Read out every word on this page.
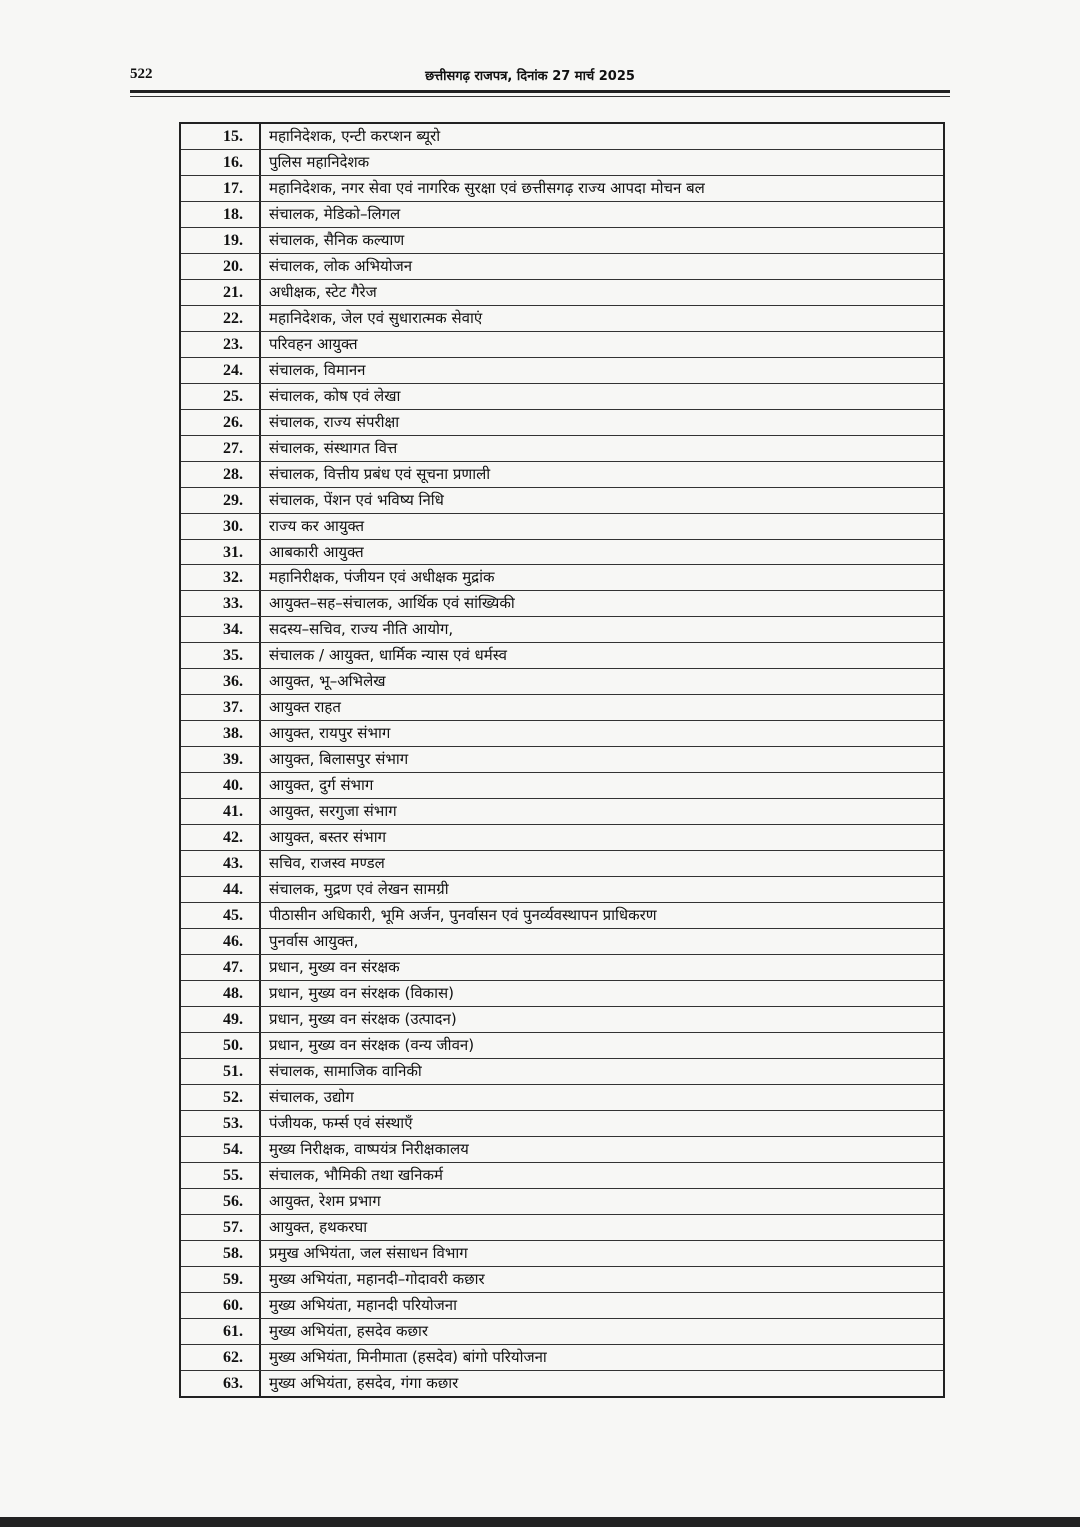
522	छत्तीसगढ़ राजपत्र, दिनांक 27 मार्च 2025
15.	महानिदेशक, एन्टी करप्शन ब्यूरो
16.	पुलिस महानिदेशक
17.	महानिदेशक, नगर सेवा एवं नागरिक सुरक्षा एवं छत्तीसगढ़ राज्य आपदा मोचन बल
18.	संचालक, मेडिको–लिगल
19.	संचालक, सैनिक कल्याण
20.	संचालक, लोक अभियोजन
21.	अधीक्षक, स्टेट गैरेज
22.	महानिदेशक, जेल एवं सुधारात्मक सेवाएं
23.	परिवहन आयुक्त
24.	संचालक, विमानन
25.	संचालक, कोष एवं लेखा
26.	संचालक, राज्य संपरीक्षा
27.	संचालक, संस्थागत वित्त
28.	संचालक, वित्तीय प्रबंध एवं सूचना प्रणाली
29.	संचालक, पेंशन एवं भविष्य निधि
30.	राज्य कर आयुक्त
31.	आबकारी आयुक्त
32.	महानिरीक्षक, पंजीयन एवं अधीक्षक मुद्रांक
33.	आयुक्त–सह–संचालक, आर्थिक एवं सांख्यिकी
34.	सदस्य–सचिव, राज्य नीति आयोग,
35.	संचालक / आयुक्त, धार्मिक न्यास एवं धर्मस्व
36.	आयुक्त, भू–अभिलेख
37.	आयुक्त राहत
38.	आयुक्त, रायपुर संभाग
39.	आयुक्त, बिलासपुर संभाग
40.	आयुक्त, दुर्ग संभाग
41.	आयुक्त, सरगुजा संभाग
42.	आयुक्त, बस्तर संभाग
43.	सचिव, राजस्व मण्डल
44.	संचालक, मुद्रण एवं लेखन सामग्री
45.	पीठासीन अधिकारी, भूमि अर्जन, पुनर्वासन एवं पुनर्व्यवस्थापन प्राधिकरण
46.	पुनर्वास आयुक्त,
47.	प्रधान, मुख्य वन संरक्षक
48.	प्रधान, मुख्य वन संरक्षक (विकास)
49.	प्रधान, मुख्य वन संरक्षक (उत्पादन)
50.	प्रधान, मुख्य वन संरक्षक (वन्य जीवन)
51.	संचालक, सामाजिक वानिकी
52.	संचालक, उद्योग
53.	पंजीयक, फर्म्स एवं संस्थाएँ
54.	मुख्य निरीक्षक, वाष्पयंत्र निरीक्षकालय
55.	संचालक, भौमिकी तथा खनिकर्म
56.	आयुक्त, रेशम प्रभाग
57.	आयुक्त, हथकरघा
58.	प्रमुख अभियंता, जल संसाधन विभाग
59.	मुख्य अभियंता, महानदी–गोदावरी कछार
60.	मुख्य अभियंता, महानदी परियोजना
61.	मुख्य अभियंता, हसदेव कछार
62.	मुख्य अभियंता, मिनीमाता (हसदेव) बांगो परियोजना
63.	मुख्य अभियंता, हसदेव, गंगा कछार
